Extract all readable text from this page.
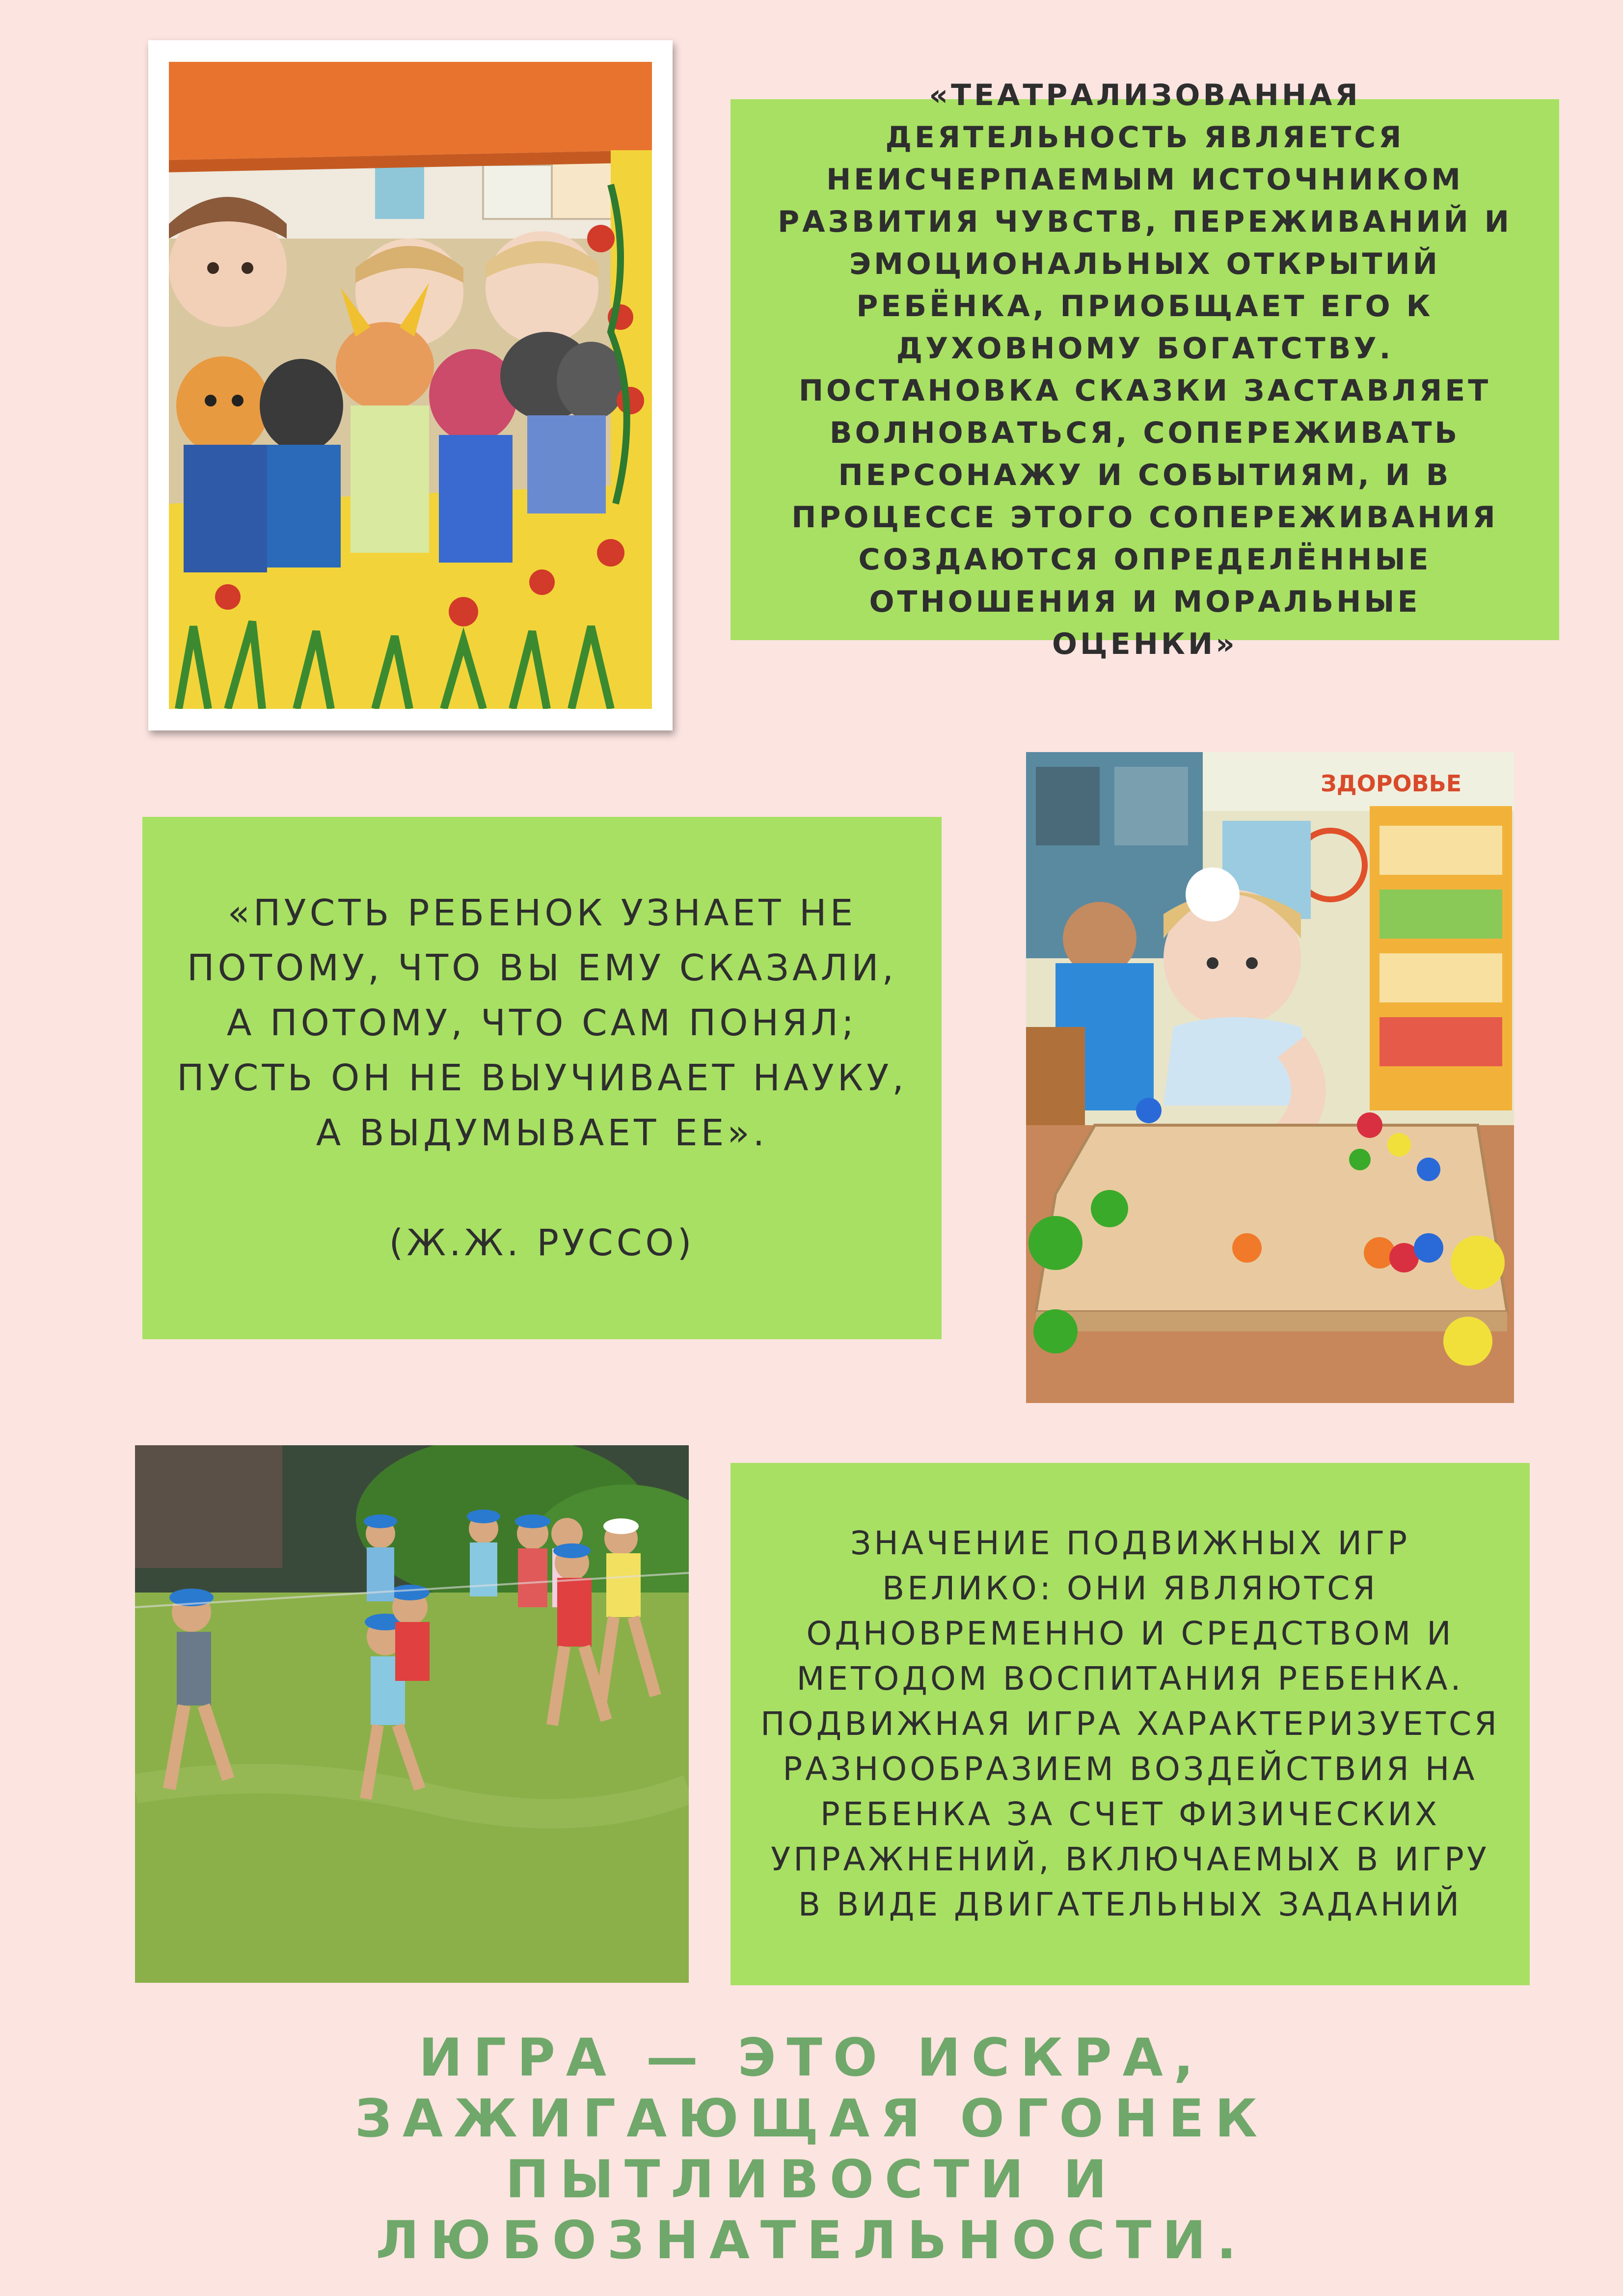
«ТЕАТРАЛИЗОВАННАЯ ДЕЯТЕЛЬНОСТЬ ЯВЛЯЕТСЯ НЕИСЧЕРПАЕМЫМ ИСТОЧНИКОМ РАЗВИТИЯ ЧУВСТВ, ПЕРЕЖИВАНИЙ И ЭМОЦИОНАЛЬНЫХ ОТКРЫТИЙ РЕБЁНКА, ПРИОБЩАЕТ ЕГО К ДУХОВНОМУ БОГАТСТВУ. ПОСТАНОВКА СКАЗКИ ЗАСТАВЛЯЕТ ВОЛНОВАТЬСЯ, СОПЕРЕЖИВАТЬ ПЕРСОНАЖУ И СОБЫТИЯМ, И В ПРОЦЕССЕ ЭТОГО СОПЕРЕЖИВАНИЯ СОЗДАЮТСЯ ОПРЕДЕЛЁННЫЕ ОТНОШЕНИЯ И МОРАЛЬНЫЕ ОЦЕНКИ»

«ПУСТЬ РЕБЕНОК УЗНАЕТ НЕ ПОТОМУ, ЧТО ВЫ ЕМУ СКАЗАЛИ, А ПОТОМУ, ЧТО САМ ПОНЯЛ; ПУСТЬ ОН НЕ ВЫУЧИВАЕТ НАУКУ, А ВЫДУМЫВАЕТ ЕЕ».

(Ж.Ж. РУССО)

ЗДОРОВЬЕ

ЗНАЧЕНИЕ ПОДВИЖНЫХ ИГР ВЕЛИКО: ОНИ ЯВЛЯЮТСЯ ОДНОВРЕМЕННО И СРЕДСТВОМ И МЕТОДОМ ВОСПИТАНИЯ РЕБЕНКА. ПОДВИЖНАЯ ИГРА ХАРАКТЕРИЗУЕТСЯ РАЗНООБРАЗИЕМ ВОЗДЕЙСТВИЯ НА РЕБЕНКА ЗА СЧЕТ ФИЗИЧЕСКИХ УПРАЖНЕНИЙ, ВКЛЮЧАЕМЫХ В ИГРУ В ВИДЕ ДВИГАТЕЛЬНЫХ ЗАДАНИЙ

ИГРА — ЭТО ИСКРА, ЗАЖИГАЮЩАЯ ОГОНЕК ПЫТЛИВОСТИ И ЛЮБОЗНАТЕЛЬНОСТИ.
